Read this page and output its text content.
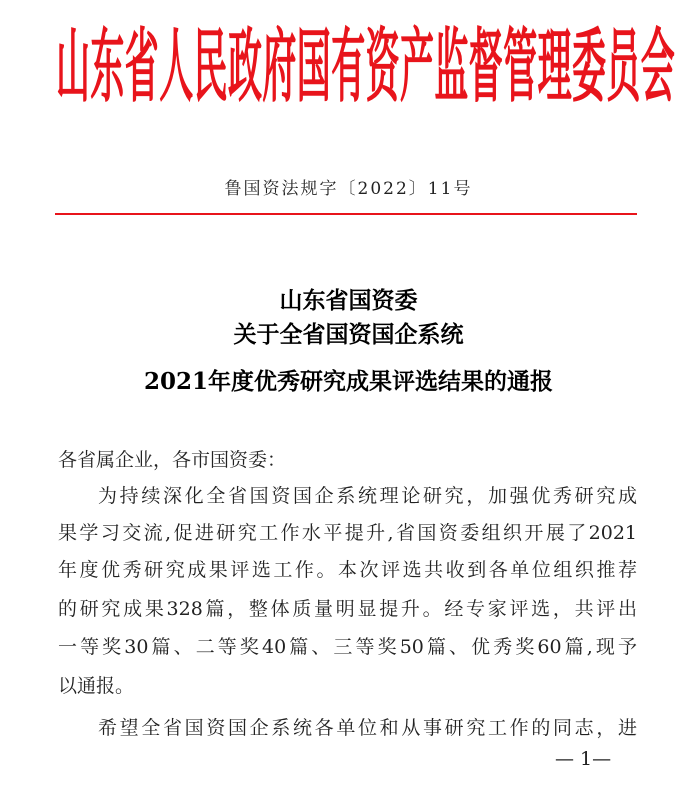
山东省人民政府国有资产监督管理委员会
鲁国资法规字〔2022〕11号
山东省国资委
关于全省国资国企系统
2021年度优秀研究成果评选结果的通报
各省属企业，各市国资委：
为持续深化全省国资国企系统理论研究，加强优秀研究成
果学习交流,促进研究工作水平提升,省国资委组织开展了2021
年度优秀研究成果评选工作。本次评选共收到各单位组织推荐
的研究成果328篇，整体质量明显提升。经专家评选，共评出
一等奖30篇、二等奖40篇、三等奖50篇、优秀奖60篇,现予
以通报。
希望全省国资国企系统各单位和从事研究工作的同志，进
— 1—
